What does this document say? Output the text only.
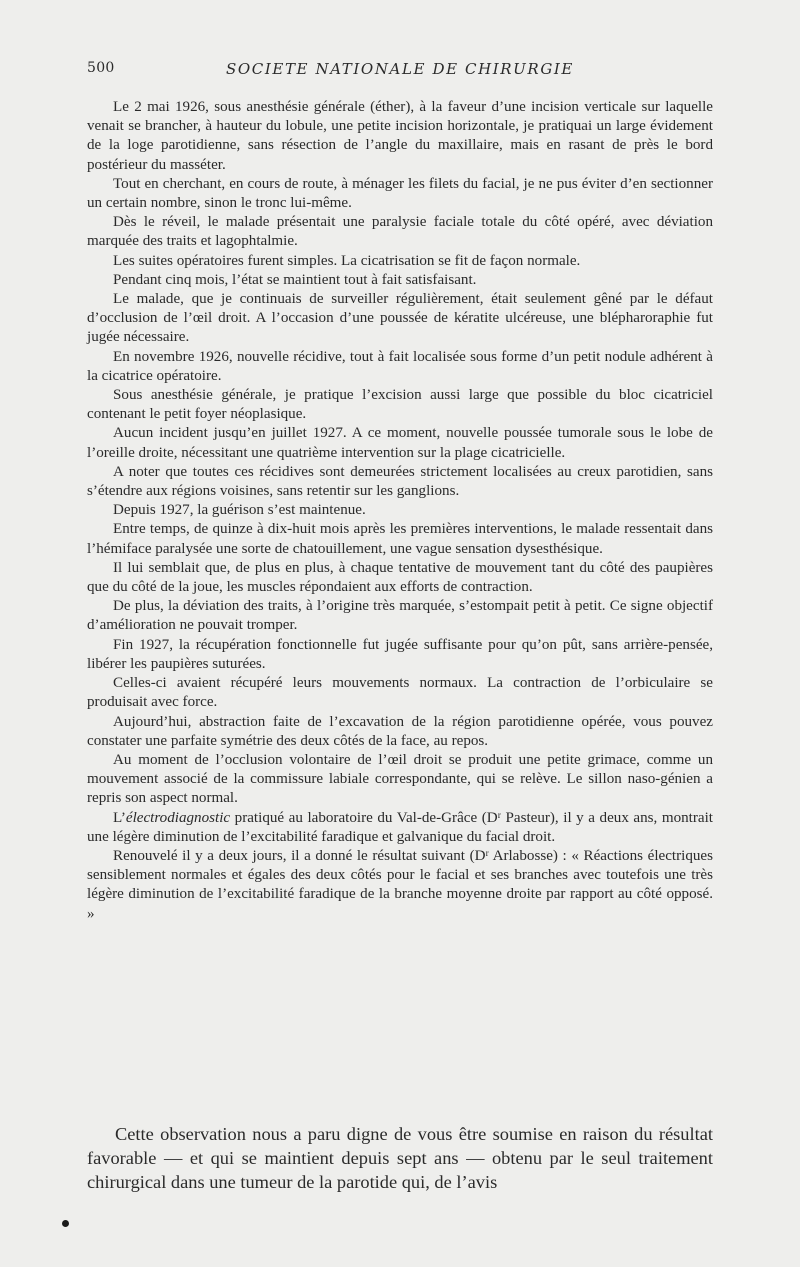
500	SOCIETE NATIONALE DE CHIRURGIE

Le 2 mai 1926, sous anesthésie générale (éther), à la faveur d’une incision verticale sur laquelle venait se brancher, à hauteur du lobule, une petite incision horizontale, je pratiquai un large évidement de la loge parotidienne, sans résection de l’angle du maxillaire, mais en rasant de près le bord postérieur du masséter.

Tout en cherchant, en cours de route, à ménager les filets du facial, je ne pus éviter d’en sectionner un certain nombre, sinon le tronc lui-même.

Dès le réveil, le malade présentait une paralysie faciale totale du côté opéré, avec déviation marquée des traits et lagophtalmie.

Les suites opératoires furent simples. La cicatrisation se fit de façon normale.

Pendant cinq mois, l’état se maintient tout à fait satisfaisant.

Le malade, que je continuais de surveiller régulièrement, était seulement gêné par le défaut d’occlusion de l’œil droit. A l’occasion d’une poussée de kératite ulcéreuse, une blépharoraphie fut jugée nécessaire.

En novembre 1926, nouvelle récidive, tout à fait localisée sous forme d’un petit nodule adhérent à la cicatrice opératoire.

Sous anesthésie générale, je pratique l’excision aussi large que possible du bloc cicatriciel contenant le petit foyer néoplasique.

Aucun incident jusqu’en juillet 1927. A ce moment, nouvelle poussée tumorale sous le lobe de l’oreille droite, nécessitant une quatrième intervention sur la plage cicatricielle.

A noter que toutes ces récidives sont demeurées strictement localisées au creux parotidien, sans s’étendre aux régions voisines, sans retentir sur les ganglions.

Depuis 1927, la guérison s’est maintenue.

Entre temps, de quinze à dix-huit mois après les premières interventions, le malade ressentait dans l’hémiface paralysée une sorte de chatouillement, une vague sensation dysesthésique.

Il lui semblait que, de plus en plus, à chaque tentative de mouvement tant du côté des paupières que du côté de la joue, les muscles répondaient aux efforts de contraction.

De plus, la déviation des traits, à l’origine très marquée, s’estompait petit à petit. Ce signe objectif d’amélioration ne pouvait tromper.

Fin 1927, la récupération fonctionnelle fut jugée suffisante pour qu’on pût, sans arrière-pensée, libérer les paupières suturées.

Celles-ci avaient récupéré leurs mouvements normaux. La contraction de l’orbiculaire se produisait avec force.

Aujourd’hui, abstraction faite de l’excavation de la région parotidienne opérée, vous pouvez constater une parfaite symétrie des deux côtés de la face, au repos.

Au moment de l’occlusion volontaire de l’œil droit se produit une petite grimace, comme un mouvement associé de la commissure labiale correspondante, qui se relève. Le sillon naso-génien a repris son aspect normal.

L’électrodiagnostic pratiqué au laboratoire du Val-de-Grâce (Dʳ Pasteur), il y a deux ans, montrait une légère diminution de l’excitabilité faradique et galvanique du facial droit.

Renouvelé il y a deux jours, il a donné le résultat suivant (Dʳ Arlabosse) : « Réactions électriques sensiblement normales et égales des deux côtés pour le facial et ses branches avec toutefois une très légère diminution de l’excitabilité faradique de la branche moyenne droite par rapport au côté opposé. »

Cette observation nous a paru digne de vous être soumise en raison du résultat favorable — et qui se maintient depuis sept ans — obtenu par le seul traitement chirurgical dans une tumeur de la parotide qui, de l’avis
